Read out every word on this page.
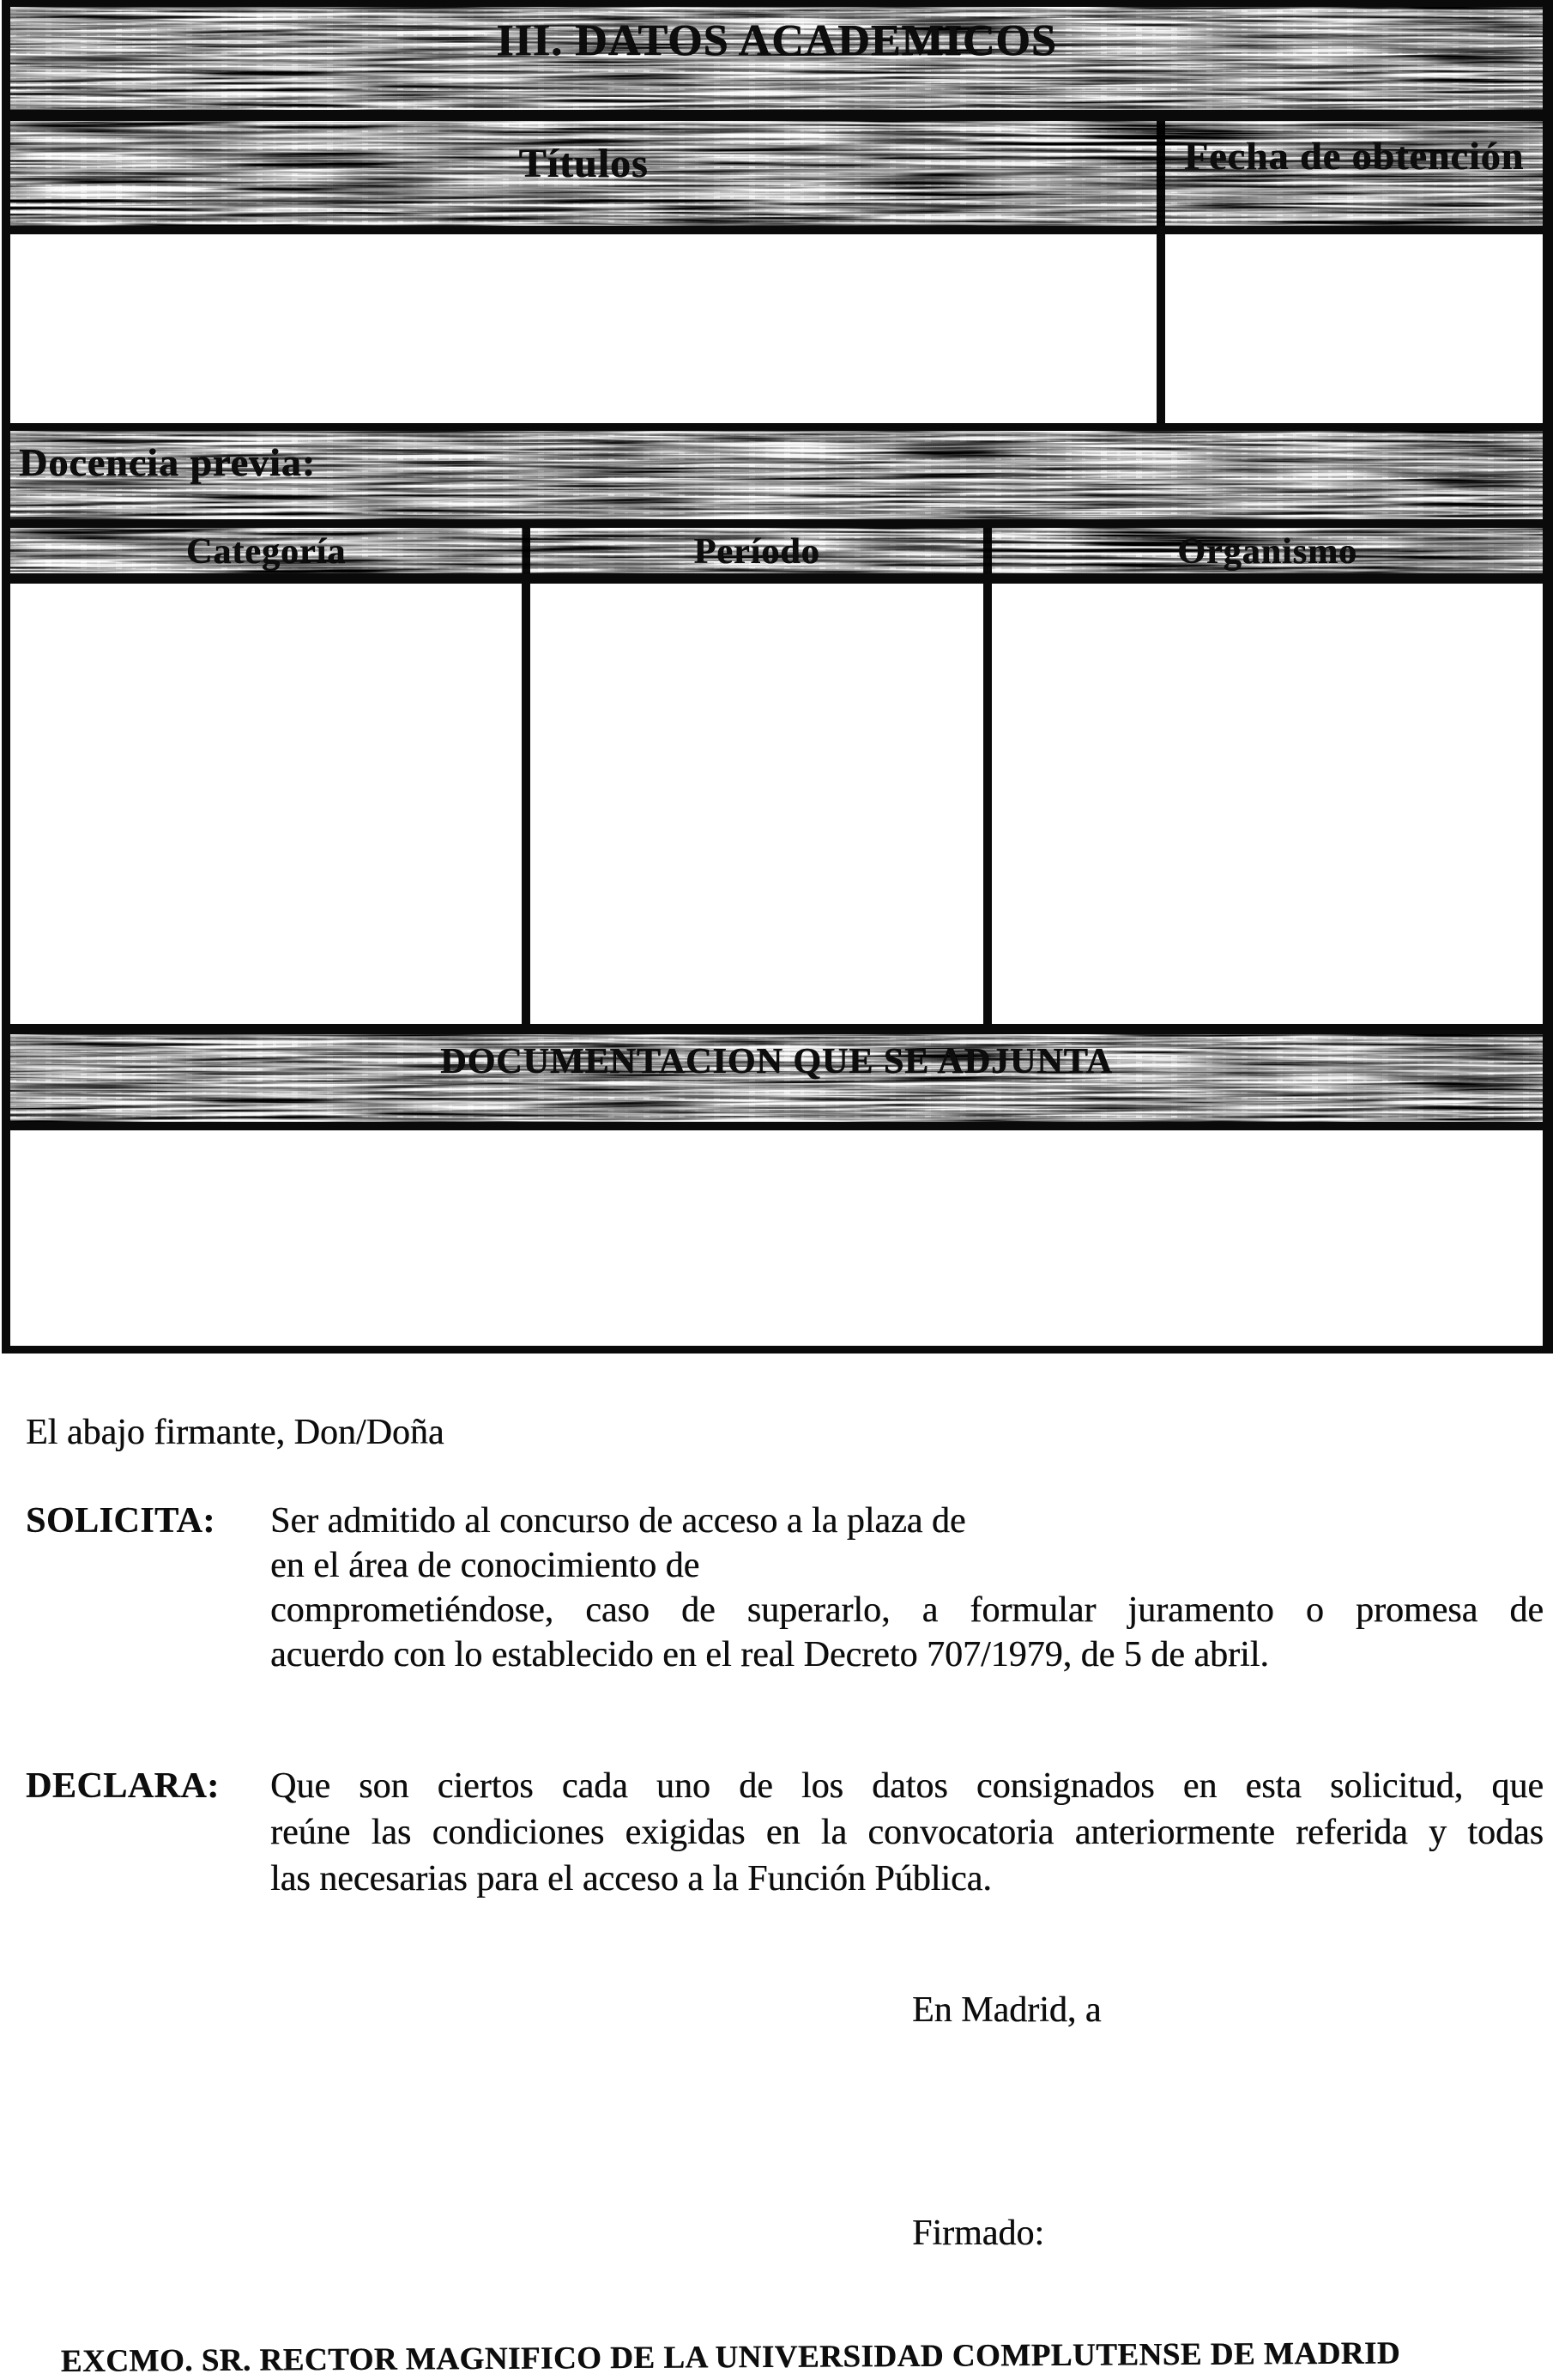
III. DATOS ACADEMICOS
Títulos	Fecha de obtención
Docencia previa:
Categoría	Período	Organismo
DOCUMENTACION QUE SE ADJUNTA
El abajo firmante, Don/Doña
SOLICITA: Ser admitido al concurso de acceso a la plaza de
en el área de conocimiento de
comprometiéndose, caso de superarlo, a formular juramento o promesa de
acuerdo con lo establecido en el real Decreto 707/1979, de 5 de abril.
DECLARA: Que son ciertos cada uno de los datos consignados en esta solicitud, que
reúne las condiciones exigidas en la convocatoria anteriormente referida y todas
las necesarias para el acceso a la Función Pública.
En Madrid, a
Firmado:
EXCMO. SR. RECTOR MAGNIFICO DE LA UNIVERSIDAD COMPLUTENSE DE MADRID
